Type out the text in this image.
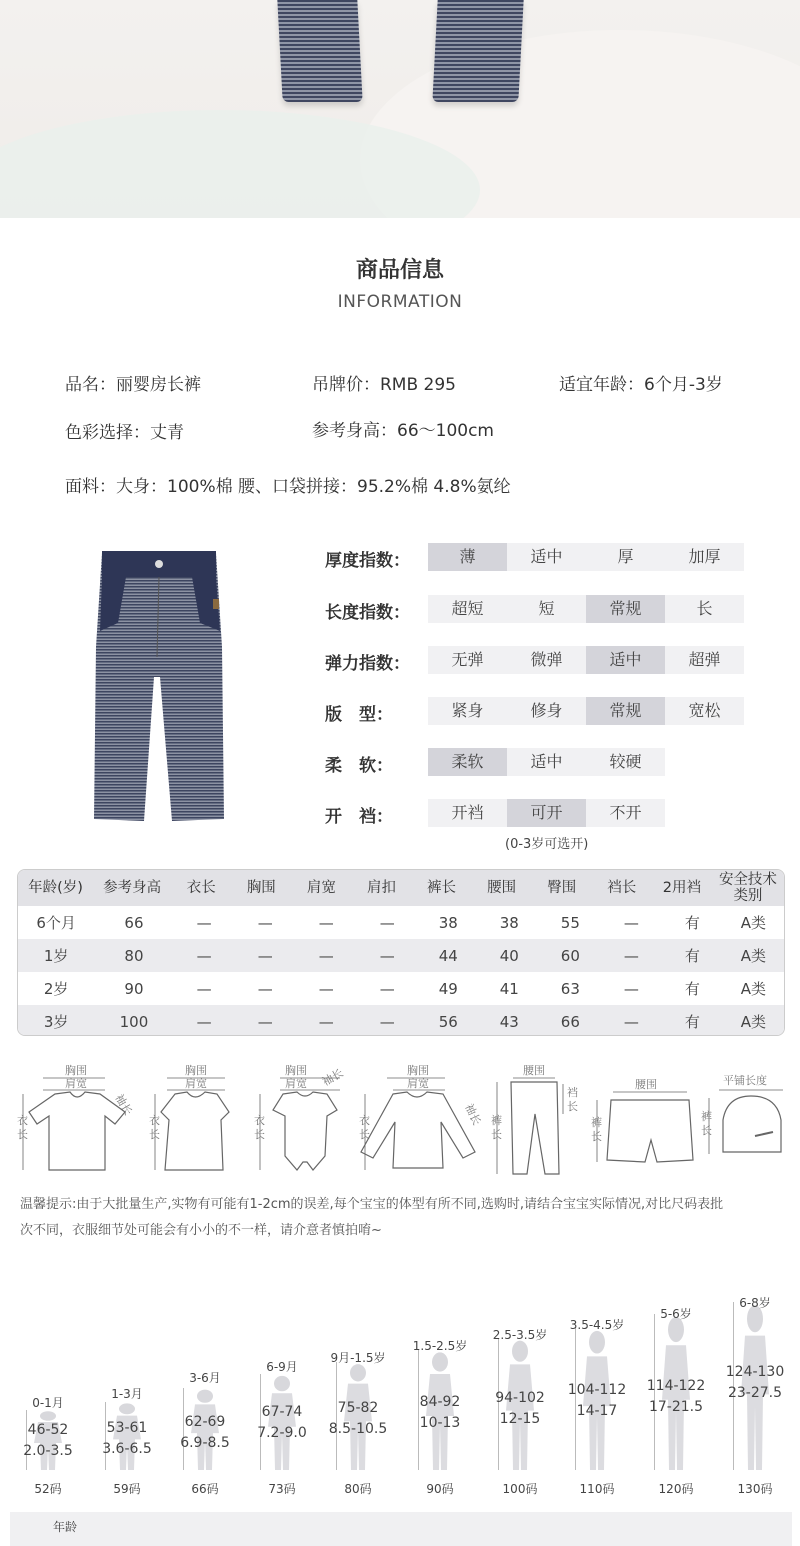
商品信息
INFORMATION
品名：丽婴房长裤	吊牌价：RMB 295	适宜年龄：6个月-3岁
色彩选择：丈青	参考身高：66～100cm
面料：大身：100%棉 腰、口袋拼接：95.2%棉 4.8%氨纶
厚度指数：	薄	适中	厚	加厚
长度指数：	超短	短	常规	长
弹力指数：	无弹	微弹	适中	超弹
版　型：	紧身	修身	常规	宽松
柔　软：	柔软	适中	较硬
开　裆：	开裆	可开	不开
(0-3岁可选开)
年龄(岁)	参考身高	衣长	胸围	肩宽	肩扣	裤长	腰围	臀围	裆长	2用裆	安全技术类别
6个月	66	—	—	—	—	38	38	55	—	有	A类
1岁	80	—	—	—	—	44	40	60	—	有	A类
2岁	90	—	—	—	—	49	41	63	—	有	A类
3岁	100	—	—	—	—	56	43	66	—	有	A类
胸围
肩宽
袖长
衣
长
胸围
肩宽
衣
长
胸围
肩宽 袖长
衣
长
胸围
肩宽
袖长
衣
长
腰围
裤
长
裆
长
腰围
裤
长
平铺长度
裤
长
温馨提示:由于大批量生产,实物有可能有1-2cm的误差,每个宝宝的体型有所不同,选购时,请结合宝宝实际情况,对比尺码表批
次不同，衣服细节处可能会有小小的不一样，请介意者慎拍唷~
0-1月
46-52
2.0-3.5
52码
1-3月
53-61
3.6-6.5
59码
3-6月
62-69
6.9-8.5
66码
6-9月
67-74
7.2-9.0
73码
9月-1.5岁
75-82
8.5-10.5
80码
1.5-2.5岁
84-92
10-13
90码
2.5-3.5岁
94-102
12-15
100码
3.5-4.5岁
104-112
14-17
110码
5-6岁
114-122
17-21.5
120码
6-8岁
124-130
23-27.5
130码
年龄
